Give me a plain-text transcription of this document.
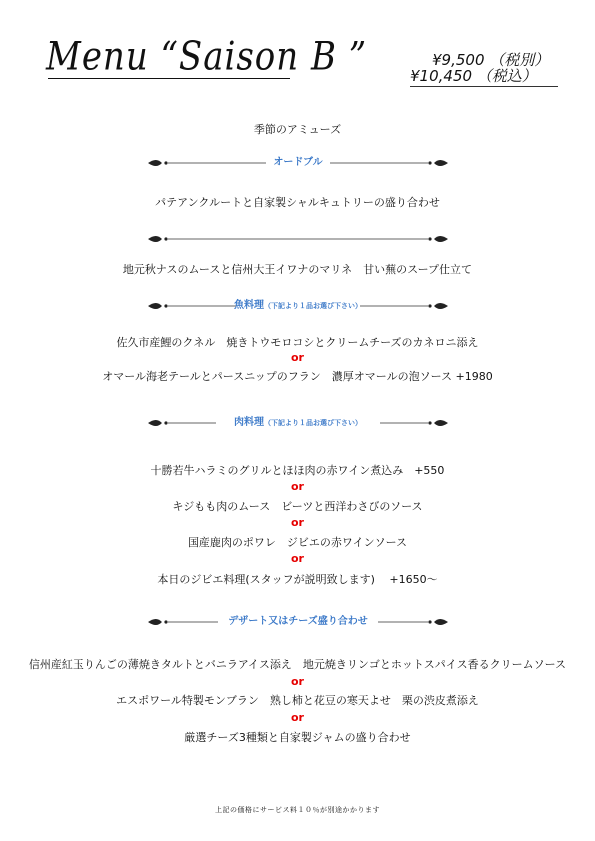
Menu “Saison B ”	¥9,500 （税別）
¥10,450 （税込）
季節のアミューズ
オードブル
パテアンクルートと自家製シャルキュトリーの盛り合わせ
地元秋ナスのムースと信州大王イワナのマリネ　甘い蕪のスープ仕立て
魚料理（下記より１品お選び下さい）
佐久市産鯉のクネル　焼きトウモロコシとクリームチーズのカネロニ添え
or
オマール海老テールとパースニップのフラン　濃厚オマールの泡ソース +1980
肉料理（下記より１品お選び下さい）
十勝若牛ハラミのグリルとほほ肉の赤ワイン煮込み　+550
or
キジもも肉のムース　ビーツと西洋わさびのソース
or
国産鹿肉のポワレ　ジビエの赤ワインソース
or
本日のジビエ料理(スタッフが説明致します)　 +1650〜
デザート又はチーズ盛り合わせ
信州産紅玉りんごの薄焼きタルトとバニラアイス添え　地元焼きリンゴとホットスパイス香るクリームソース
or
エスポワール特製モンブラン　熟し柿と花豆の寒天よせ　栗の渋皮煮添え
or
厳選チーズ3種類と自家製ジャムの盛り合わせ
上記の価格にサービス料１０％が別途かかります
